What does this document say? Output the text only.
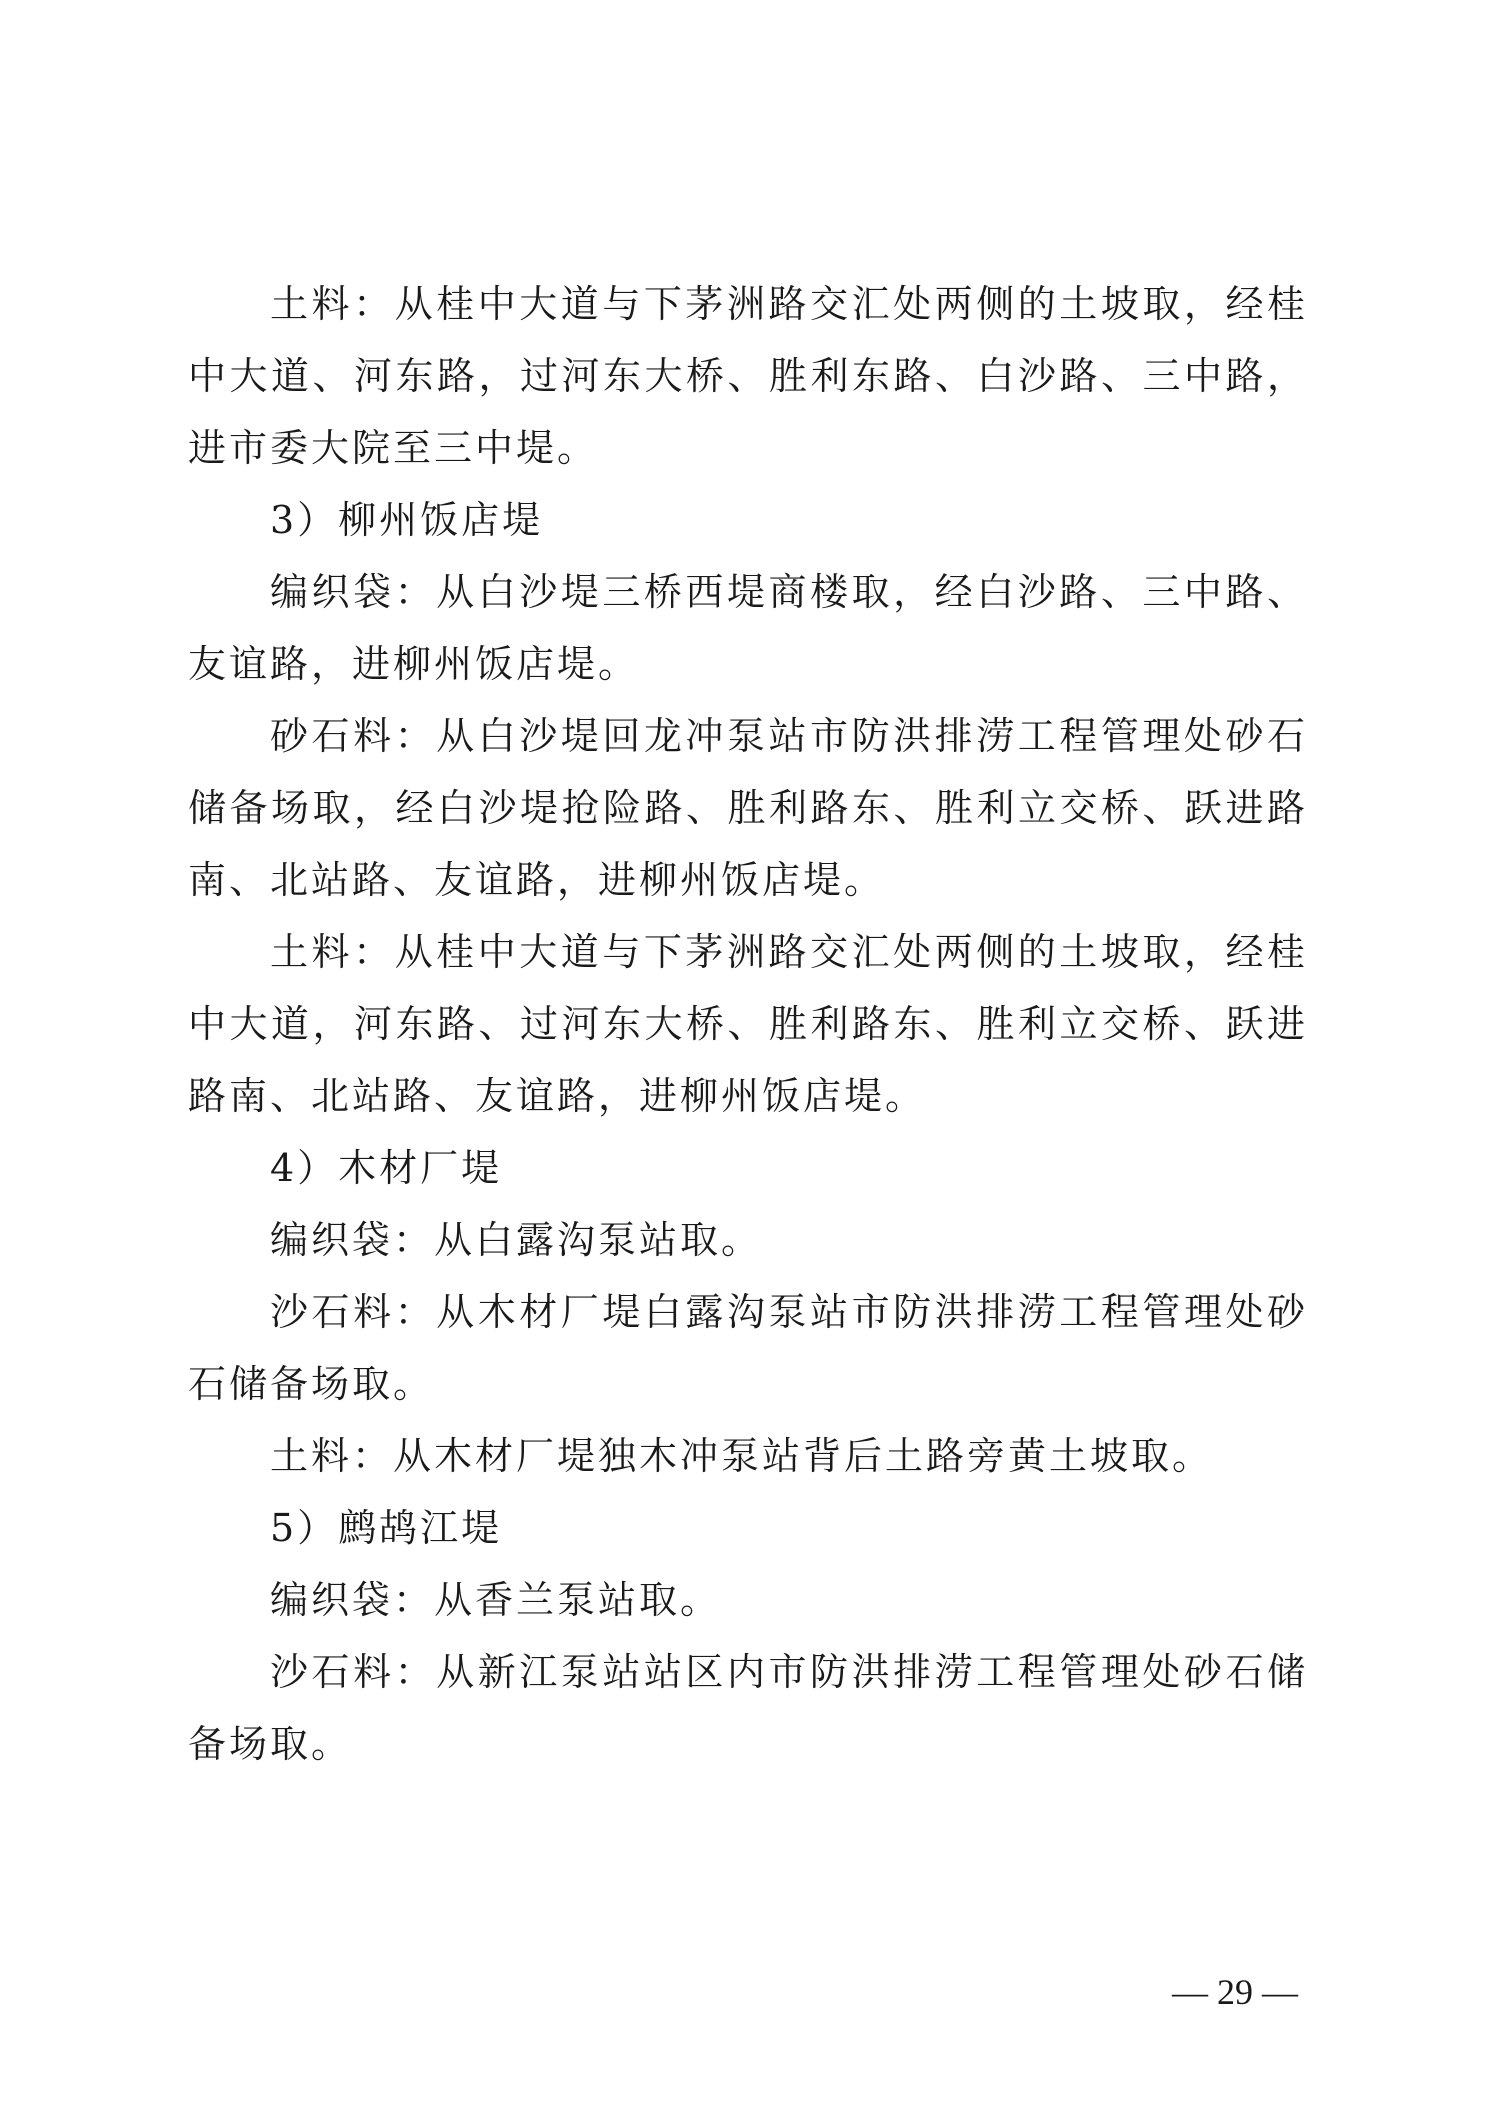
土料：从桂中大道与下茅洲路交汇处两侧的土坡取，经桂中大道、河东路，过河东大桥、胜利东路、白沙路、三中路，进市委大院至三中堤。

3）柳州饭店堤

编织袋：从白沙堤三桥西堤商楼取，经白沙路、三中路、友谊路，进柳州饭店堤。

砂石料：从白沙堤回龙冲泵站市防洪排涝工程管理处砂石储备场取，经白沙堤抢险路、胜利路东、胜利立交桥、跃进路南、北站路、友谊路，进柳州饭店堤。

土料：从桂中大道与下茅洲路交汇处两侧的土坡取，经桂中大道，河东路、过河东大桥、胜利路东、胜利立交桥、跃进路南、北站路、友谊路，进柳州饭店堤。

4）木材厂堤

编织袋：从白露沟泵站取。

沙石料：从木材厂堤白露沟泵站市防洪排涝工程管理处砂石储备场取。

土料：从木材厂堤独木冲泵站背后土路旁黄土坡取。

5）鹧鸪江堤

编织袋：从香兰泵站取。

沙石料：从新江泵站站区内市防洪排涝工程管理处砂石储备场取。

— 29 —
